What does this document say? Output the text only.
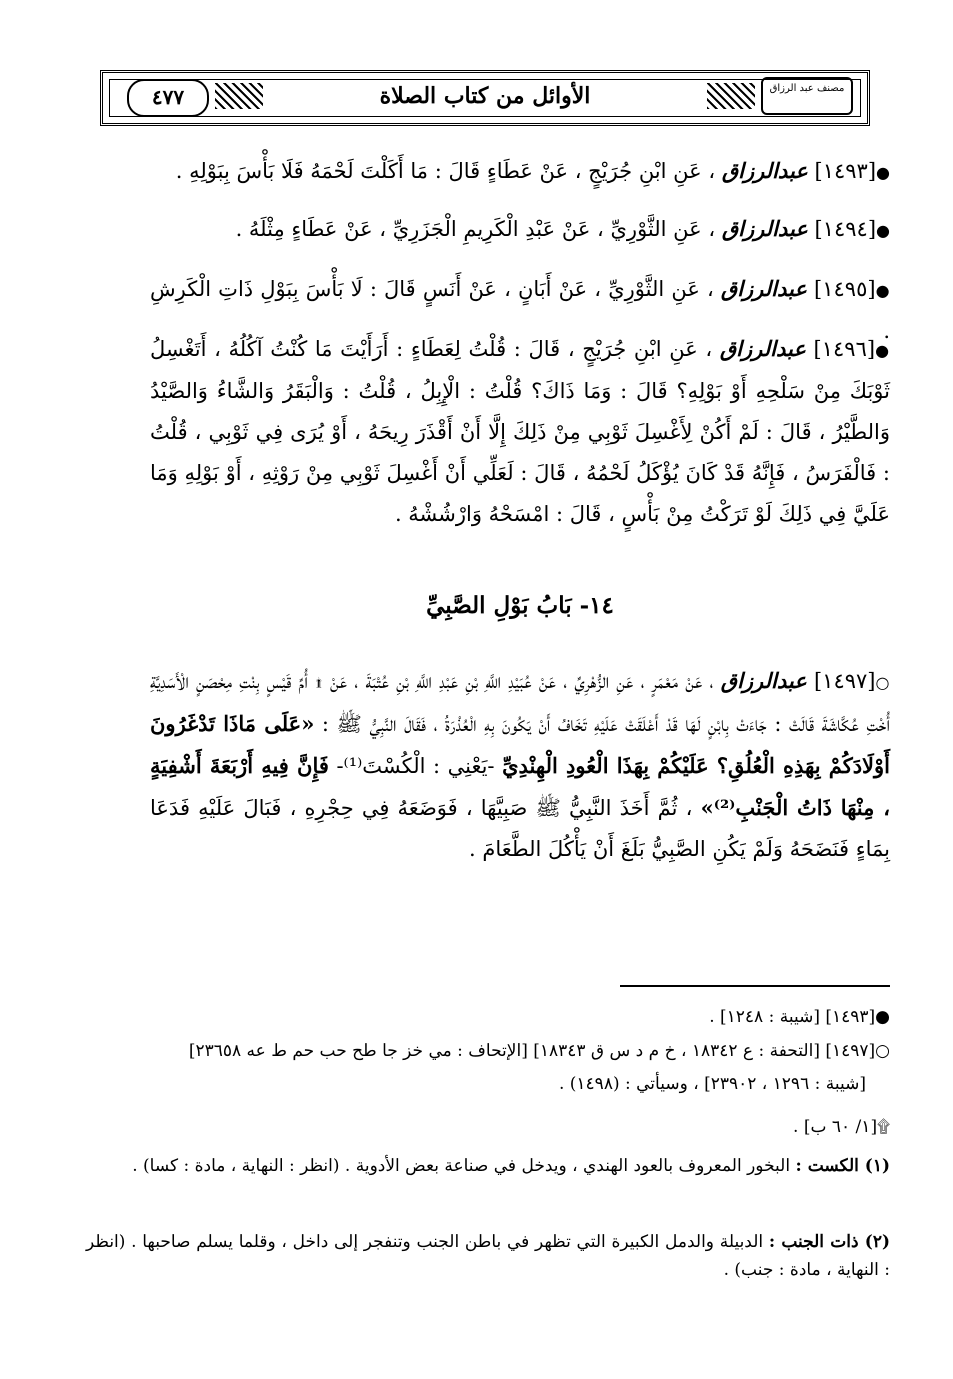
٤٧٧	الأوائل من كتاب الصلاة	مصنف عبد الرزاق
●[١٤٩٣] عبدالرزاق ، عَنِ ابْنِ جُرَيْجٍ ، عَنْ عَطَاءٍ قَالَ : مَا أَكَلْتَ لَحْمَهُ فَلَا بَأْسَ بِبَوْلِهِ .
●[١٤٩٤] عبدالرزاق ، عَنِ الثَّوْرِيِّ ، عَنْ عَبْدِ الْكَرِيمِ الْجَزَرِيِّ ، عَنْ عَطَاءٍ مِثْلَهُ .
●[١٤٩٥] عبدالرزاق ، عَنِ الثَّوْرِيِّ ، عَنْ أَبَانٍ ، عَنْ أَنَسٍ قَالَ : لَا بَأْسَ بِبَوْلِ ذَاتِ الْكَرِشِ .
●[١٤٩٦] عبدالرزاق ، عَنِ ابْنِ جُرَيْجٍ ، قَالَ : قُلْتُ لِعَطَاءٍ : أَرَأَيْتَ مَا كُنْتُ آكُلُهُ ، أَتَغْسِلُ ثَوْبَكَ مِنْ سَلْحِهِ أَوْ بَوْلِهِ؟ قَالَ : وَمَا ذَاكَ؟ قُلْتُ : الْإِبِلُ ، قُلْتُ : وَالْبَقَرُ وَالشَّاءُ وَالصَّيْدُ وَالطَّيْرُ ، قَالَ : لَمْ أَكُنْ لِأَغْسِلَ ثَوْبِي مِنْ ذَلِكَ إِلَّا أَنْ أَقْذَرَ رِيحَهُ ، أَوْ يُرَى فِي ثَوْبِي ، قُلْتُ : فَالْفَرَسُ ، فَإِنَّهُ قَدْ كَانَ يُؤْكَلُ لَحْمُهُ ، قَالَ : لَعَلِّي أَنْ أَغْسِلَ ثَوْبِي مِنْ رَوْثِهِ ، أَوْ بَوْلِهِ وَمَا عَلَيَّ فِي ذَلِكَ لَوْ تَرَكْتُ مِنْ بَأْسٍ ، قَالَ : امْسَحْهُ وَارْشُشْهُ .
١٤- بَابُ بَوْلِ الصَّبِيِّ
○[١٤٩٧] عبدالرزاق ، عَنْ مَعْمَرٍ ، عَنِ الزُّهْرِيِّ ، عَنْ عُبَيْدِ اللَّهِ بْنِ عَبْدِ اللَّهِ بْنِ عُتْبَةَ ، عَنْ ۩ أُمِّ قَيْسٍ بِنْتِ مِحْصَنٍ الْأَسَدِيَّةِ أُخْتِ عُكَّاشَةَ قَالَتْ : جَاءَتْ بِابْنٍ لَهَا قَدْ أَعْلَقَتْ عَلَيْهِ تَخَافُ أَنْ يَكُونَ بِهِ الْعُذْرَةُ ، فَقَالَ النَّبِيُّ ﷺ : «عَلَى مَاذَا تَدْغَرُونَ أَوْلَادَكُمْ بِهَذِهِ الْعُلُقِ؟ عَلَيْكُمْ بِهَذَا الْعُودِ الْهِنْدِيِّ -يَعْنِي : الْكُسْتَ⁽¹⁾- فَإِنَّ فِيهِ أَرْبَعَةَ أَشْفِيَةٍ ، مِنْهَا ذَاتُ الْجَنْبِ⁽²⁾» ، ثُمَّ أَخَذَ النَّبِيُّ ﷺ صَبِيَّهَا ، فَوَضَعَهُ فِي حِجْرِهِ ، فَبَالَ عَلَيْهِ فَدَعَا بِمَاءٍ فَنَضَحَهُ وَلَمْ يَكُنِ الصَّبِيُّ بَلَغَ أَنْ يَأْكُلَ الطَّعَامَ .
●[١٤٩٣] [شيبة : ١٢٤٨] .
○[١٤٩٧] [التحفة : ع ١٨٣٤٢ ، خ م د س ق ١٨٣٤٣] [الإتحاف : مي خز جا طح حب حم ط عه ٢٣٦٥٨]
[شيبة : ١٢٩٦ ، ٢٣٩٠٢] ، وسيأتي : (١٤٩٨) .
۩[١/ ٦٠ ب] .
(١) الكست : البخور المعروف بالعود الهندي ، ويدخل في صناعة بعض الأدوية . (انظر : النهاية ، مادة : كسا) .
(٢) ذات الجنب : الدبيلة والدمل الكبيرة التي تظهر في باطن الجنب وتنفجر إلى داخل ، وقلما يسلم صاحبها . (انظر : النهاية ، مادة : جنب) .
